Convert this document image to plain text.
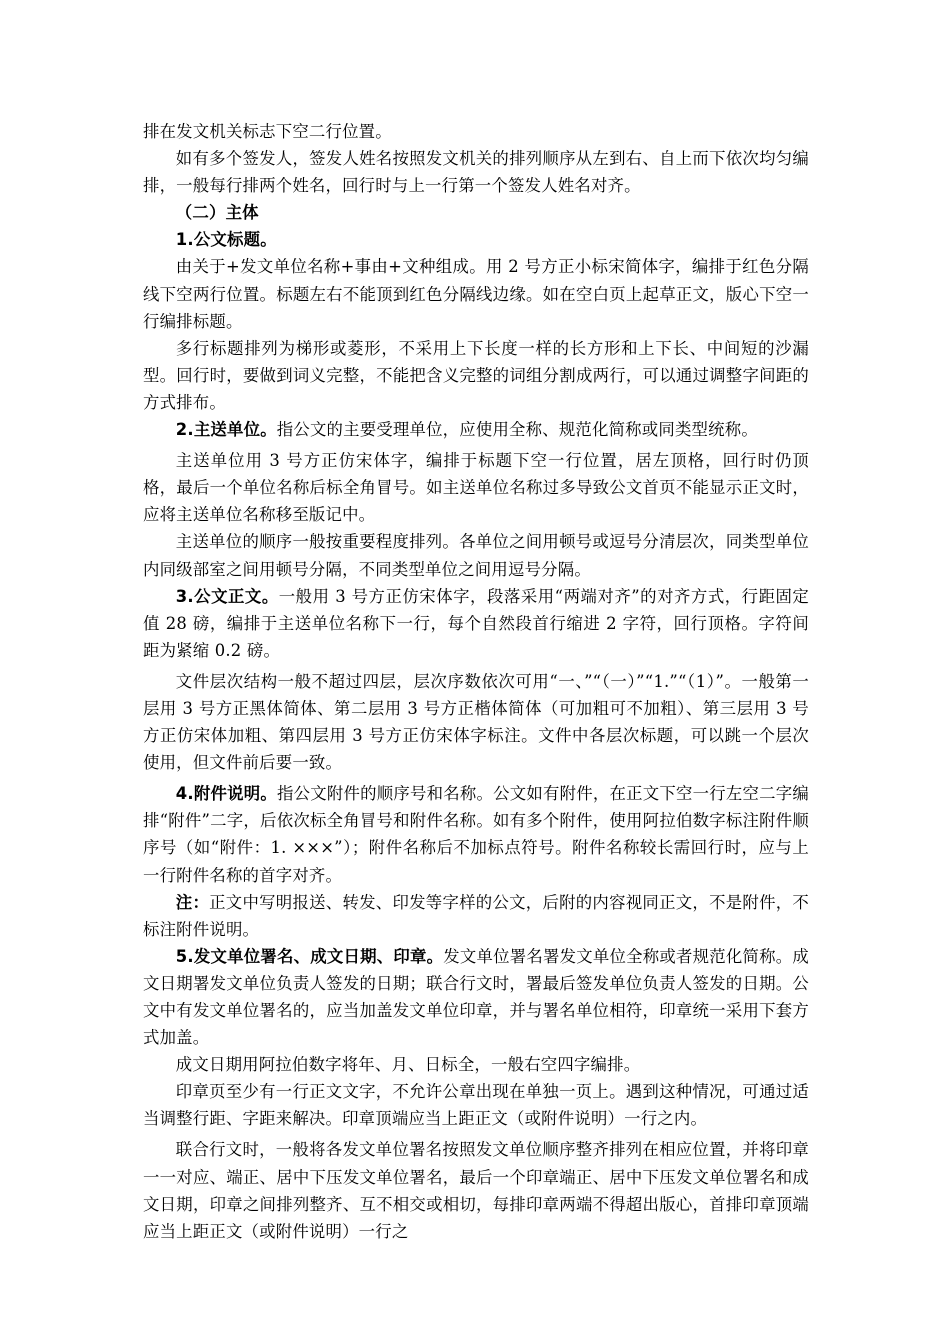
排在发文机关标志下空二行位置。

如有多个签发人，签发人姓名按照发文机关的排列顺序从左到右、自上而下依次均匀编排，一般每行排两个姓名，回行时与上一行第一个签发人姓名对齐。

（二）主体

1.公文标题。

由关于+发文单位名称+事由+文种组成。用 2 号方正小标宋简体字，编排于红色分隔线下空两行位置。标题左右不能顶到红色分隔线边缘。如在空白页上起草正文，版心下空一行编排标题。

多行标题排列为梯形或菱形，不采用上下长度一样的长方形和上下长、中间短的沙漏型。回行时，要做到词义完整，不能把含义完整的词组分割成两行，可以通过调整字间距的方式排布。

2.主送单位。指公文的主要受理单位，应使用全称、规范化简称或同类型统称。

主送单位用 3 号方正仿宋体字，编排于标题下空一行位置，居左顶格，回行时仍顶格，最后一个单位名称后标全角冒号。如主送单位名称过多导致公文首页不能显示正文时，应将主送单位名称移至版记中。

主送单位的顺序一般按重要程度排列。各单位之间用顿号或逗号分清层次，同类型单位内同级部室之间用顿号分隔，不同类型单位之间用逗号分隔。

3.公文正文。一般用 3 号方正仿宋体字，段落采用“两端对齐”的对齐方式，行距固定值 28 磅，编排于主送单位名称下一行，每个自然段首行缩进 2 字符，回行顶格。字符间距为紧缩 0.2 磅。

文件层次结构一般不超过四层，层次序数依次可用“一、”“（一）”“1.”“（1）”。一般第一层用 3 号方正黑体简体、第二层用 3 号方正楷体简体（可加粗可不加粗）、第三层用 3 号方正仿宋体加粗、第四层用 3 号方正仿宋体字标注。文件中各层次标题，可以跳一个层次使用，但文件前后要一致。

4.附件说明。指公文附件的顺序号和名称。公文如有附件，在正文下空一行左空二字编排“附件”二字，后依次标全角冒号和附件名称。如有多个附件，使用阿拉伯数字标注附件顺序号（如“附件：1. ×××”）；附件名称后不加标点符号。附件名称较长需回行时，应与上一行附件名称的首字对齐。

注：正文中写明报送、转发、印发等字样的公文，后附的内容视同正文，不是附件，不标注附件说明。

5.发文单位署名、成文日期、印章。发文单位署名署发文单位全称或者规范化简称。成文日期署发文单位负责人签发的日期；联合行文时，署最后签发单位负责人签发的日期。公文中有发文单位署名的，应当加盖发文单位印章，并与署名单位相符，印章统一采用下套方式加盖。

成文日期用阿拉伯数字将年、月、日标全，一般右空四字编排。

印章页至少有一行正文文字，不允许公章出现在单独一页上。遇到这种情况，可通过适当调整行距、字距来解决。印章顶端应当上距正文（或附件说明）一行之内。

联合行文时，一般将各发文单位署名按照发文单位顺序整齐排列在相应位置，并将印章一一对应、端正、居中下压发文单位署名，最后一个印章端正、居中下压发文单位署名和成文日期，印章之间排列整齐、互不相交或相切，每排印章两端不得超出版心，首排印章顶端应当上距正文（或附件说明）一行之
